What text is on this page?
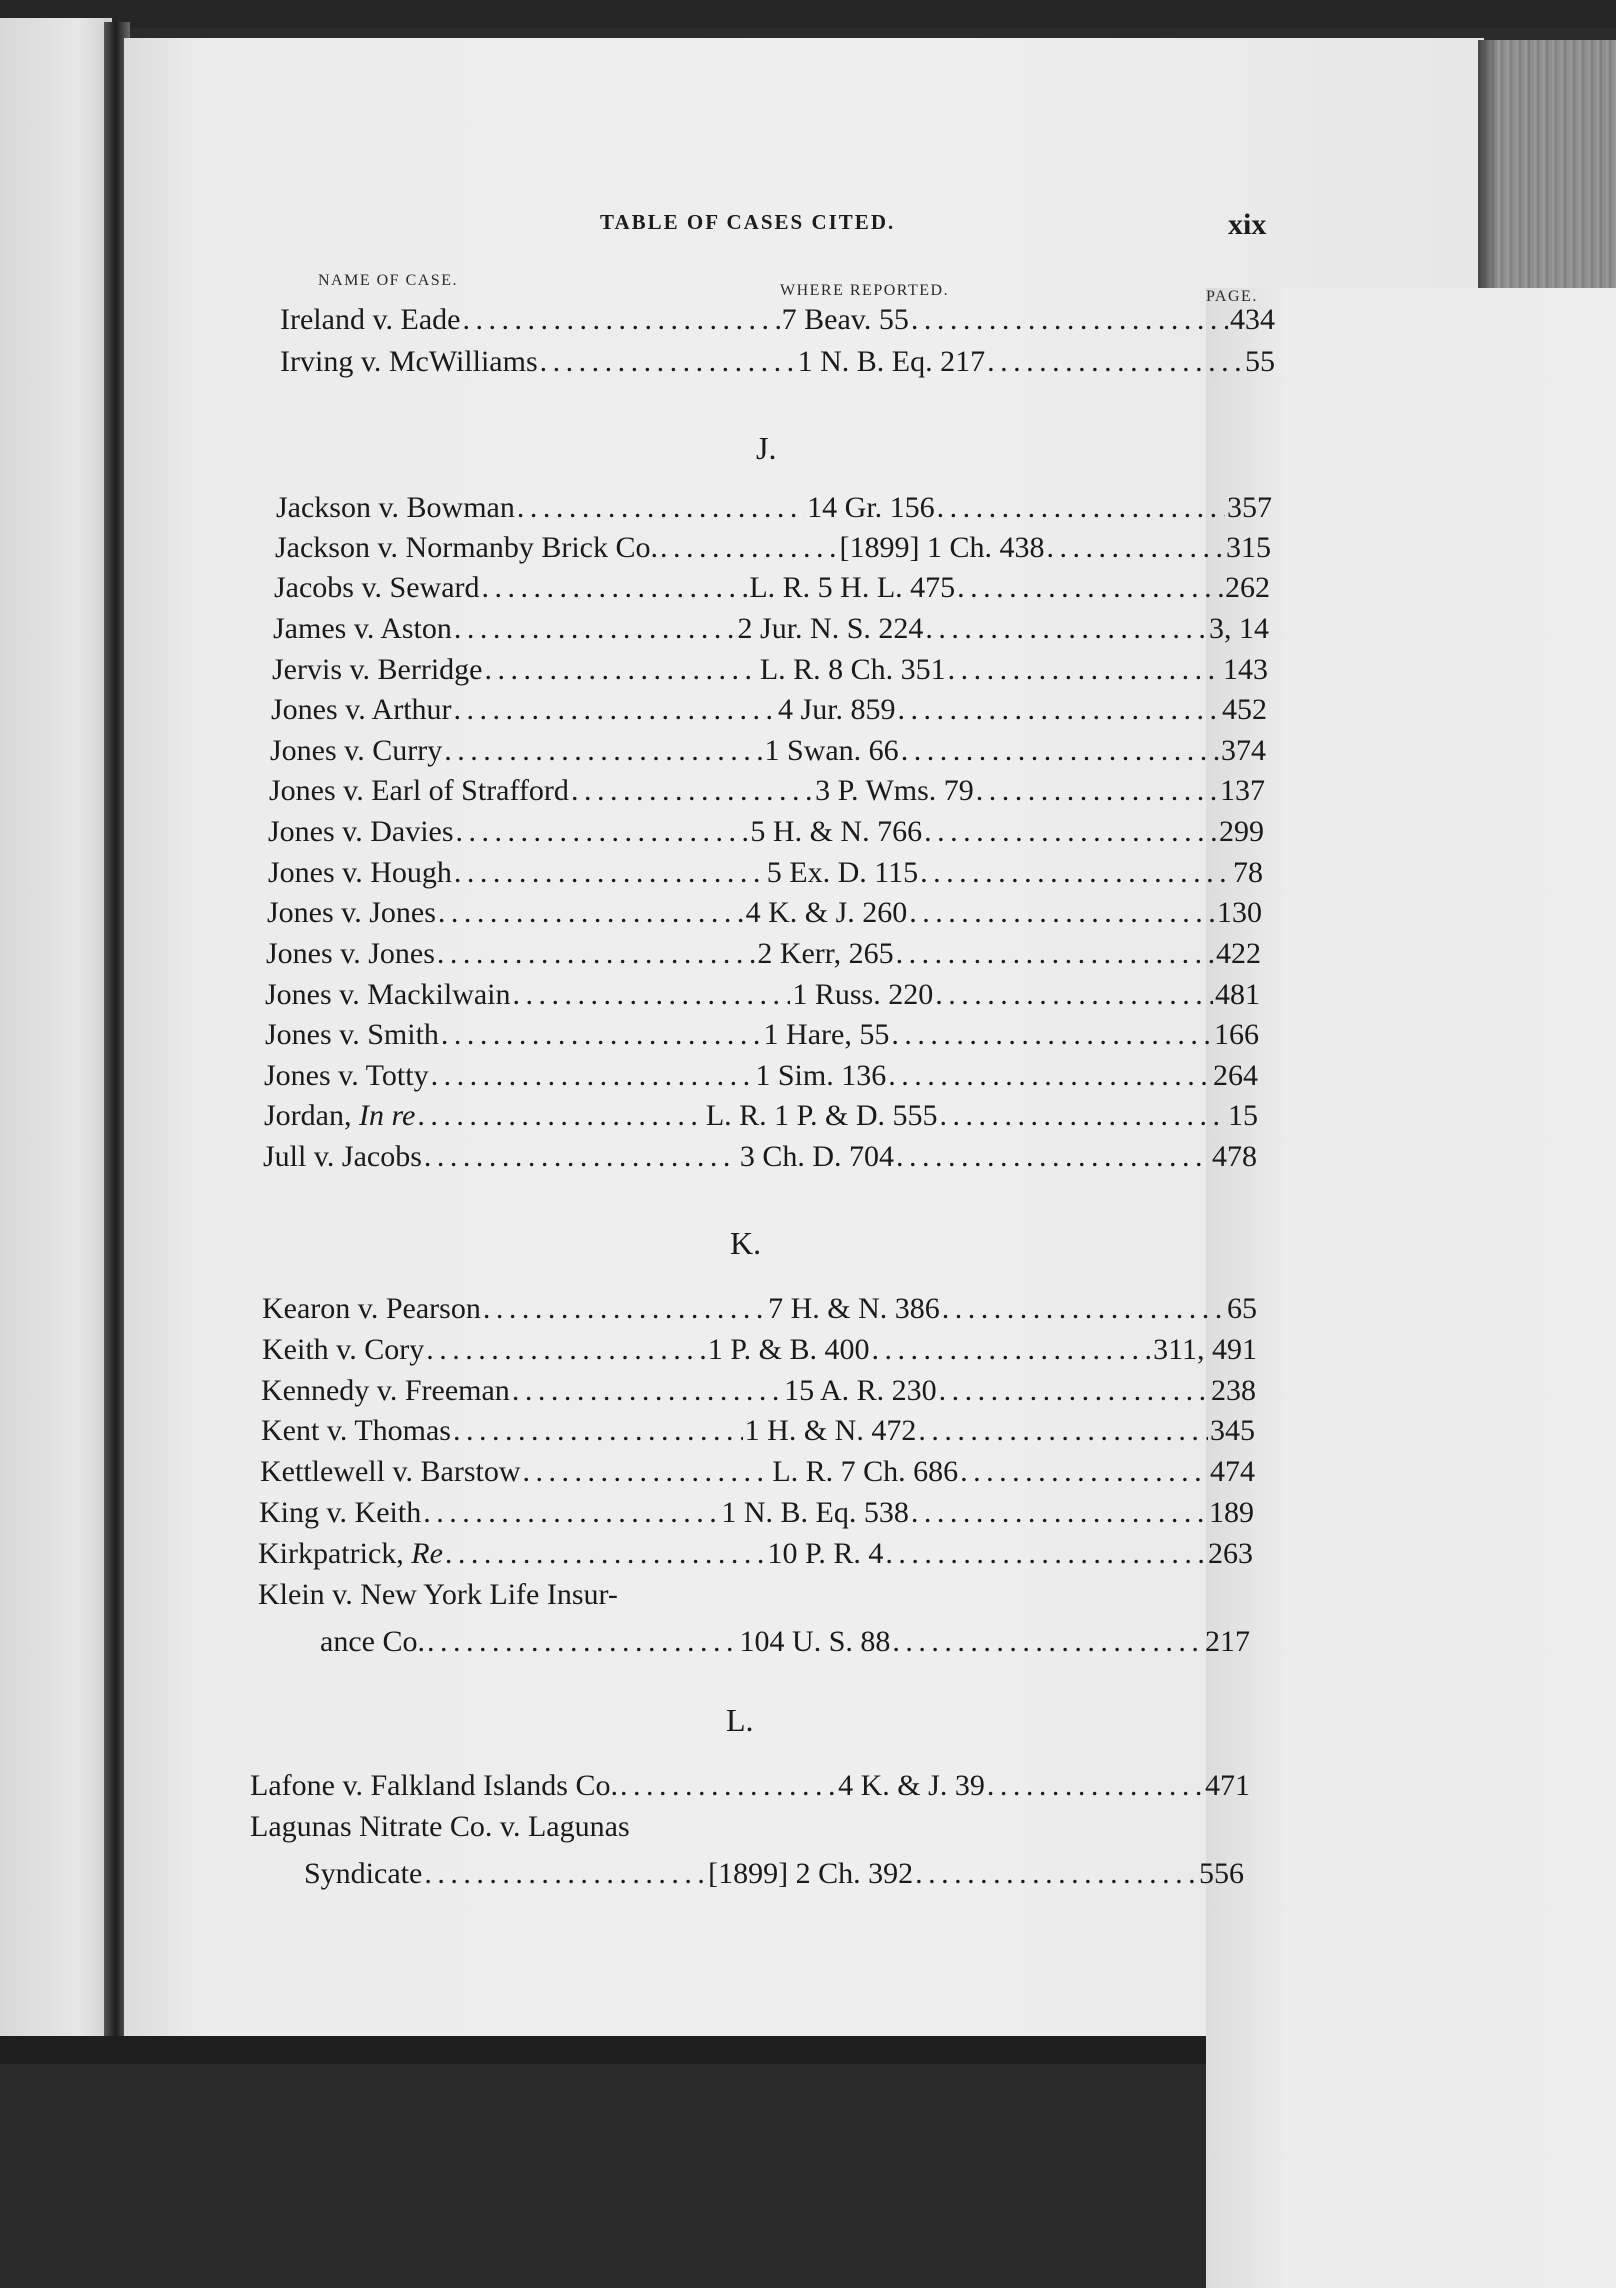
TABLE OF CASES CITED.	xix
NAME OF CASE.
WHERE REPORTED.	PAGE.
Ireland v. Eade . . .	7 Beav. 55 . . .	434
Irving v. McWilliams . . .	1 N. B. Eq. 217 . . .	55
J.
Jackson v. Bowman . . .	14 Gr. 156 . . .	357
Jackson v. Normanby Brick Co. . . .	[1899] 1 Ch. 438 . . .	315
Jacobs v. Seward . . .	L. R. 5 H. L. 475 . . .	262
James v. Aston . . .	2 Jur. N. S. 224 . . .	3, 14
Jervis v. Berridge . . .	L. R. 8 Ch. 351 . . .	143
Jones v. Arthur . . .	4 Jur. 859 . . .	452
Jones v. Curry . . .	1 Swan. 66 . . .	374
Jones v. Earl of Strafford . . .	3 P. Wms. 79 . . .	137
Jones v. Davies . . .	5 H. & N. 766 . . .	299
Jones v. Hough . . .	5 Ex. D. 115 . . .	78
Jones v. Jones . . .	4 K. & J. 260 . . .	130
Jones v. Jones . . .	2 Kerr, 265 . . .	422
Jones v. Mackilwain . . .	1 Russ. 220 . . .	481
Jones v. Smith . . .	1 Hare, 55 . . .	166
Jones v. Totty . . .	1 Sim. 136 . . .	264
Jordan, In re . . .	L. R. 1 P. & D. 555 . . .	15
Jull v. Jacobs . . .	3 Ch. D. 704 . . .	478
K.
Kearon v. Pearson . . .	7 H. & N. 386 . . .	65
Keith v. Cory . . .	1 P. & B. 400 . . .	311, 491
Kennedy v. Freeman . . .	15 A. R. 230 . . .	238
Kent v. Thomas . . .	1 H. & N. 472 . . .	345
Kettlewell v. Barstow . . .	L. R. 7 Ch. 686 . . .	474
King v. Keith . . .	1 N. B. Eq. 538 . . .	189
Kirkpatrick, Re . . .	10 P. R. 4 . . .	263
Klein v. New York Life Insur-
ance Co. . . .	104 U. S. 88 . . .	217
L.
Lafone v. Falkland Islands Co. . . .	4 K. & J. 39 . . .	471
Lagunas Nitrate Co. v. Lagunas
Syndicate . . .	[1899] 2 Ch. 392 . . .	556
